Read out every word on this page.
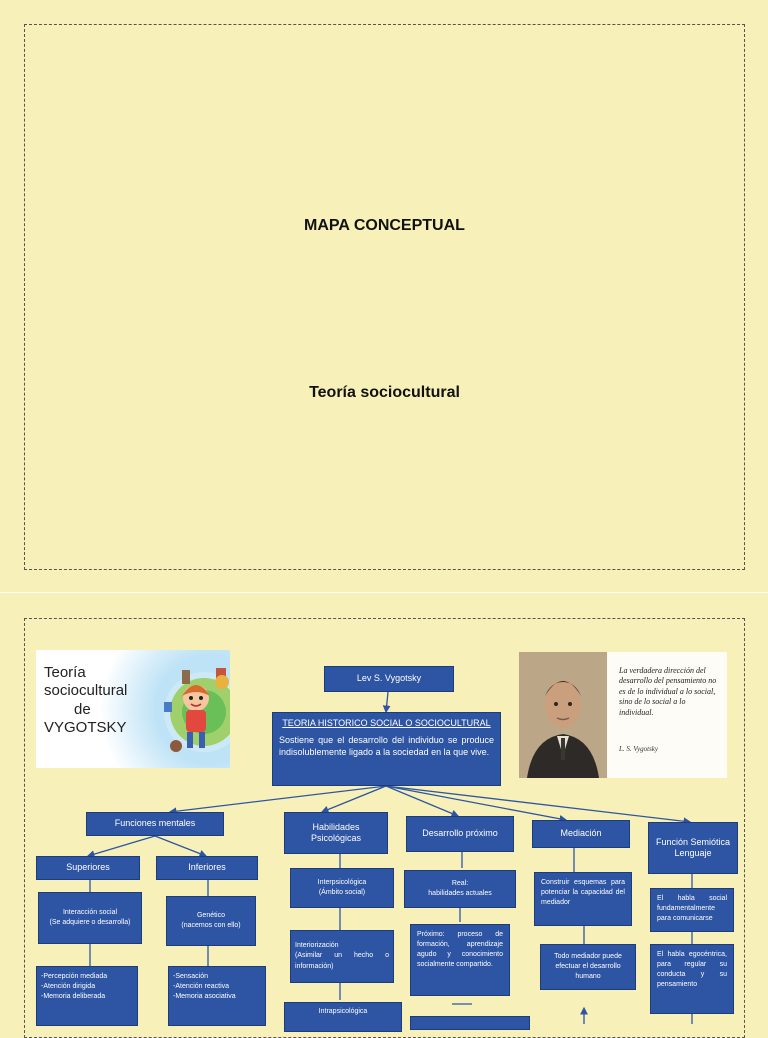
MAPA CONCEPTUAL
Teoría sociocultural
Teoría
sociocultural
de
VYGOTSKY
La verdadera dirección del desarrollo del pensamiento no es de lo individual a lo social, sino de lo social a lo individual.
L. S. Vygotsky
Lev S. Vygotsky
TEORIA HISTORICO SOCIAL O SOCIOCULTURAL
Sostiene que el desarrollo del individuo se produce indisolublemente ligado a la sociedad en la que vive.
Funciones mentales	Habilidades Psicológicas	Desarrollo próximo	Mediación
Función Semiótica Lenguaje
Superiores	Inferiores
Interacción social
(Se adquiere o desarrolla)
Genético
(nacemos con ello)
-Percepción mediada
-Atención dirigida
-Memoria deliberada
-Sensación
-Atención reactiva
-Memoria asociativa
Interpsicológica
(Ámbito social)
Interiorización
(Asimilar un hecho o información)
Intrapsicológica
Real:
habilidades actuales
Próximo: proceso de formación, aprendizaje agudo y conocimiento socialmente compartido.
Construir esquemas para potenciar la capacidad del mediador
Todo mediador puede efectuar el desarrollo humano
El habla social fundamentalmente para comunicarse
El habla egocéntrica, para regular su conducta y su pensamiento
